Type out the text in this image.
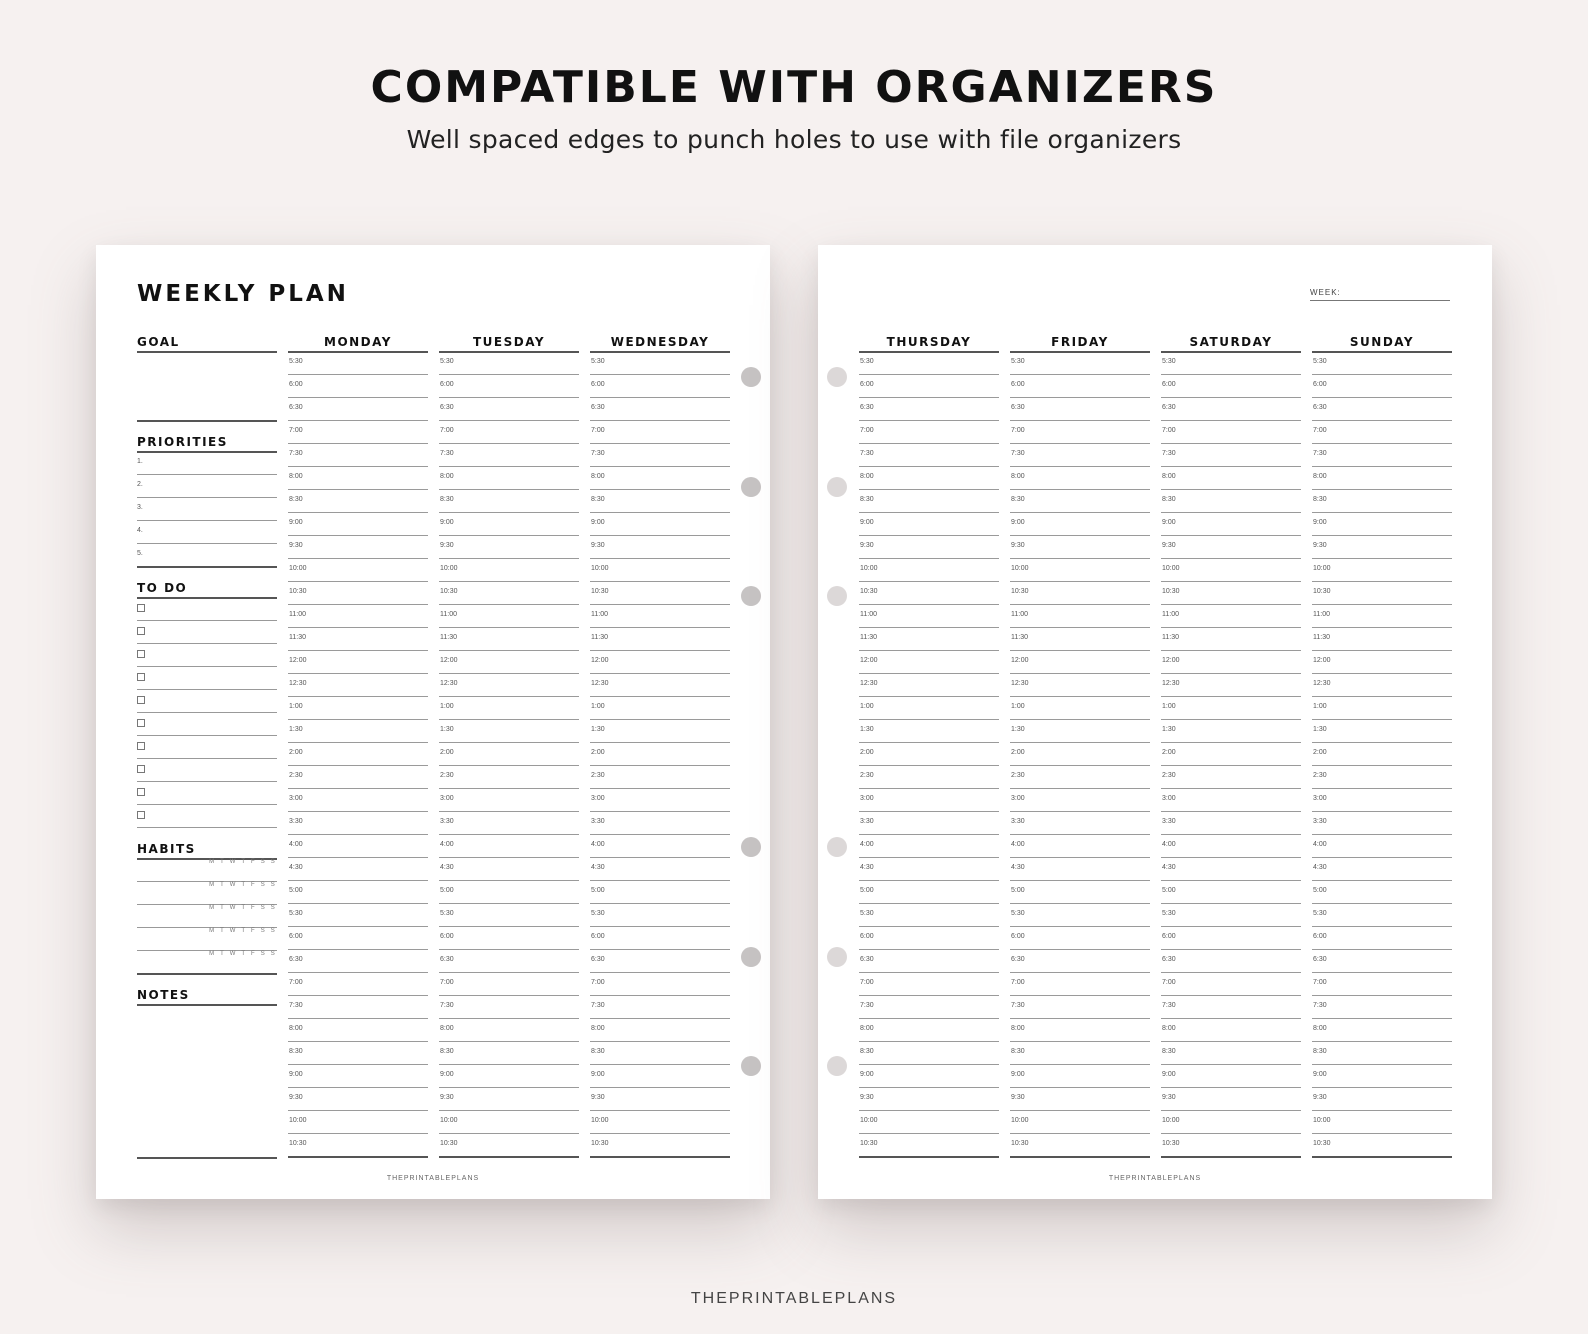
COMPATIBLE WITH ORGANIZERS
Well spaced edges to punch holes to use with file organizers
WEEKLY PLAN
GOAL
PRIORITIES
1.
2.
3.
4.
5.
TO DO
HABITS
M T W T F S S
M T W T F S S
M T W T F S S
M T W T F S S
M T W T F S S
NOTES
MONDAY
5:30
6:00
6:30
7:00
7:30
8:00
8:30
9:00
9:30
10:00
10:30
11:00
11:30
12:00
12:30
1:00
1:30
2:00
2:30
3:00
3:30
4:00
4:30
5:00
5:30
6:00
6:30
7:00
7:30
8:00
8:30
9:00
9:30
10:00
10:30
TUESDAY
5:30
6:00
6:30
7:00
7:30
8:00
8:30
9:00
9:30
10:00
10:30
11:00
11:30
12:00
12:30
1:00
1:30
2:00
2:30
3:00
3:30
4:00
4:30
5:00
5:30
6:00
6:30
7:00
7:30
8:00
8:30
9:00
9:30
10:00
10:30
WEDNESDAY
5:30
6:00
6:30
7:00
7:30
8:00
8:30
9:00
9:30
10:00
10:30
11:00
11:30
12:00
12:30
1:00
1:30
2:00
2:30
3:00
3:30
4:00
4:30
5:00
5:30
6:00
6:30
7:00
7:30
8:00
8:30
9:00
9:30
10:00
10:30
THEPRINTABLEPLANS
WEEK:
THURSDAY
5:30
6:00
6:30
7:00
7:30
8:00
8:30
9:00
9:30
10:00
10:30
11:00
11:30
12:00
12:30
1:00
1:30
2:00
2:30
3:00
3:30
4:00
4:30
5:00
5:30
6:00
6:30
7:00
7:30
8:00
8:30
9:00
9:30
10:00
10:30
FRIDAY
5:30
6:00
6:30
7:00
7:30
8:00
8:30
9:00
9:30
10:00
10:30
11:00
11:30
12:00
12:30
1:00
1:30
2:00
2:30
3:00
3:30
4:00
4:30
5:00
5:30
6:00
6:30
7:00
7:30
8:00
8:30
9:00
9:30
10:00
10:30
SATURDAY
5:30
6:00
6:30
7:00
7:30
8:00
8:30
9:00
9:30
10:00
10:30
11:00
11:30
12:00
12:30
1:00
1:30
2:00
2:30
3:00
3:30
4:00
4:30
5:00
5:30
6:00
6:30
7:00
7:30
8:00
8:30
9:00
9:30
10:00
10:30
SUNDAY
5:30
6:00
6:30
7:00
7:30
8:00
8:30
9:00
9:30
10:00
10:30
11:00
11:30
12:00
12:30
1:00
1:30
2:00
2:30
3:00
3:30
4:00
4:30
5:00
5:30
6:00
6:30
7:00
7:30
8:00
8:30
9:00
9:30
10:00
10:30
THEPRINTABLEPLANS
THEPRINTABLEPLANS
